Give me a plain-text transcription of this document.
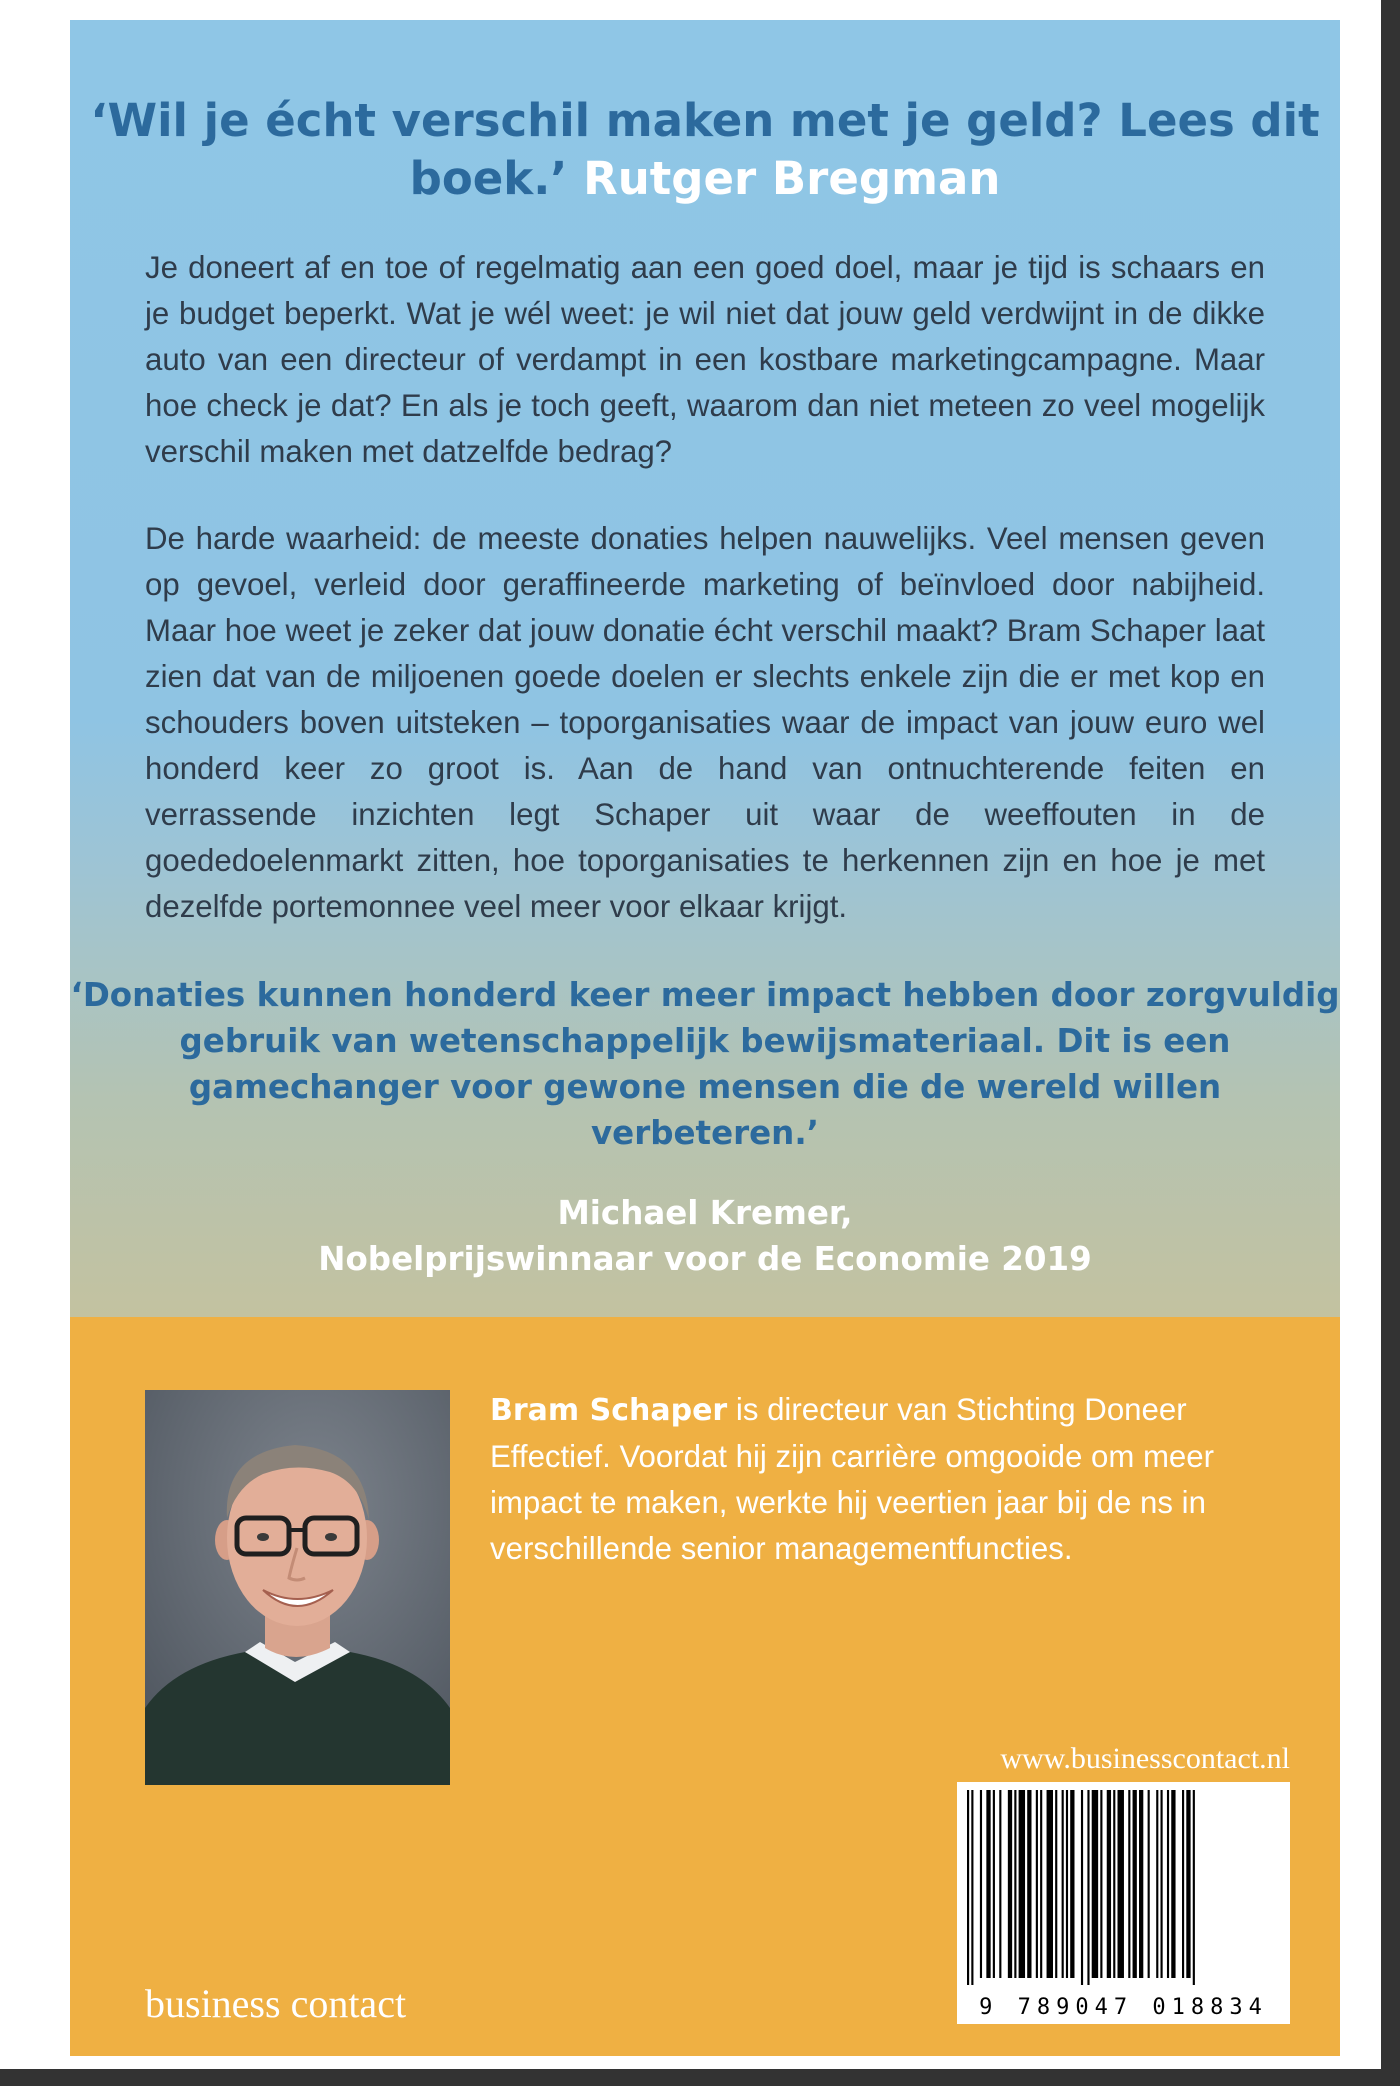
‘Wil je écht verschil maken met je geld? Lees dit boek.’ Rutger Bregman

Je doneert af en toe of regelmatig aan een goed doel, maar je tijd is schaars en je budget beperkt. Wat je wél weet: je wil niet dat jouw geld verdwijnt in de dikke auto van een directeur of verdampt in een kostbare marketingcampagne. Maar hoe check je dat? En als je toch geeft, waarom dan niet meteen zo veel mogelijk verschil maken met datzelfde bedrag?

De harde waarheid: de meeste donaties helpen nauwelijks. Veel mensen geven op gevoel, verleid door geraffineerde marketing of beïnvloed door nabijheid. Maar hoe weet je zeker dat jouw donatie écht verschil maakt? Bram Schaper laat zien dat van de miljoenen goede doelen er slechts enkele zijn die er met kop en schouders boven uitsteken – toporganisaties waar de impact van jouw euro wel honderd keer zo groot is. Aan de hand van ontnuchterende feiten en verrassende inzichten legt Schaper uit waar de weeffouten in de goededoelenmarkt zitten, hoe toporganisaties te herkennen zijn en hoe je met dezelfde portemonnee veel meer voor elkaar krijgt.

‘Donaties kunnen honderd keer meer impact hebben door zorgvuldig gebruik van wetenschappelijk bewijsmateriaal. Dit is een gamechanger voor gewone mensen die de wereld willen verbeteren.’

Michael Kremer,
Nobelprijswinnaar voor de Economie 2019

Bram Schaper is directeur van Stichting Doneer Effectief. Voordat hij zijn carrière omgooide om meer impact te maken, werkte hij veertien jaar bij de ns in verschillende senior managementfuncties.

www.businesscontact.nl
9 789047 018834
business contact
